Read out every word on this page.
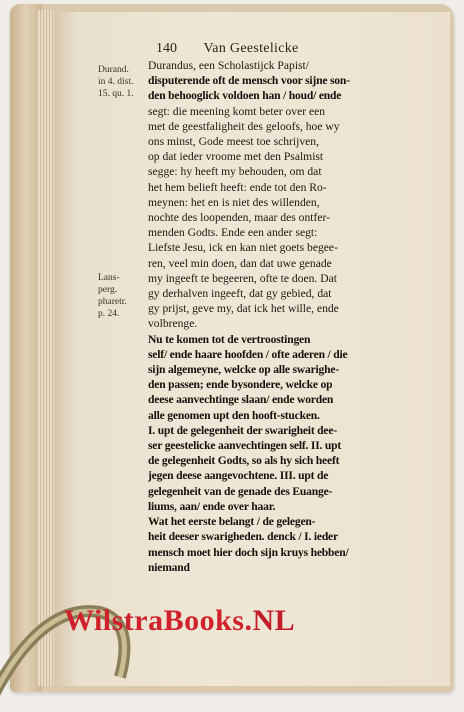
140 Van Geestelicke
Durand.
in 4. dist.
15. qu. 1.
Lans-
perg.
pharetr.
p. 24.
Durandus, een Scholastijck Papist/
disputerende oft de mensch voor sijne son-
den behooglick voldoen han / houd/ ende
segt: die meening komt beter over een
met de geestfaligheit des geloofs, hoe wy
ons minst, Gode meest toe schrijven,
op dat ieder vroome met den Psalmist
segge: hy heeft my behouden, om dat
het hem belieft heeft: ende tot den Ro-
meynen: het en is niet des willenden,
nochte des loopenden, maar des ontfer-
menden Godts. Ende een ander segt:
Liefste Jesu, ick en kan niet goets begee-
ren, veel min doen, dan dat uwe genade
my ingeeft te begeeren, ofte te doen. Dat
gy derhalven ingeeft, dat gy gebied, dat
gy prijst, geve my, dat ick het wille, ende
volbrenge.
Nu te komen tot de vertroostingen
self/ ende haare hoofden / ofte aderen / die
sijn algemeyne, welcke op alle swarighe-
den passen; ende bysondere, welcke op
deese aanvechtinge slaan/ ende worden
alle genomen upt den hooft-stucken.
I. upt de gelegenheit der swarigheit dee-
ser geestelicke aanvechtingen self. II. upt
de gelegenheit Godts, so als hy sich heeft
jegen deese aangevochtene. III. upt de
gelegenheit van de genade des Euange-
liums, aan/ ende over haar.
Wat het eerste belangt / de gelegen-
heit deeser swarigheden. denck / I. ieder
mensch moet hier doch sijn kruys hebben/
niemand
WilstraBooks.NL
